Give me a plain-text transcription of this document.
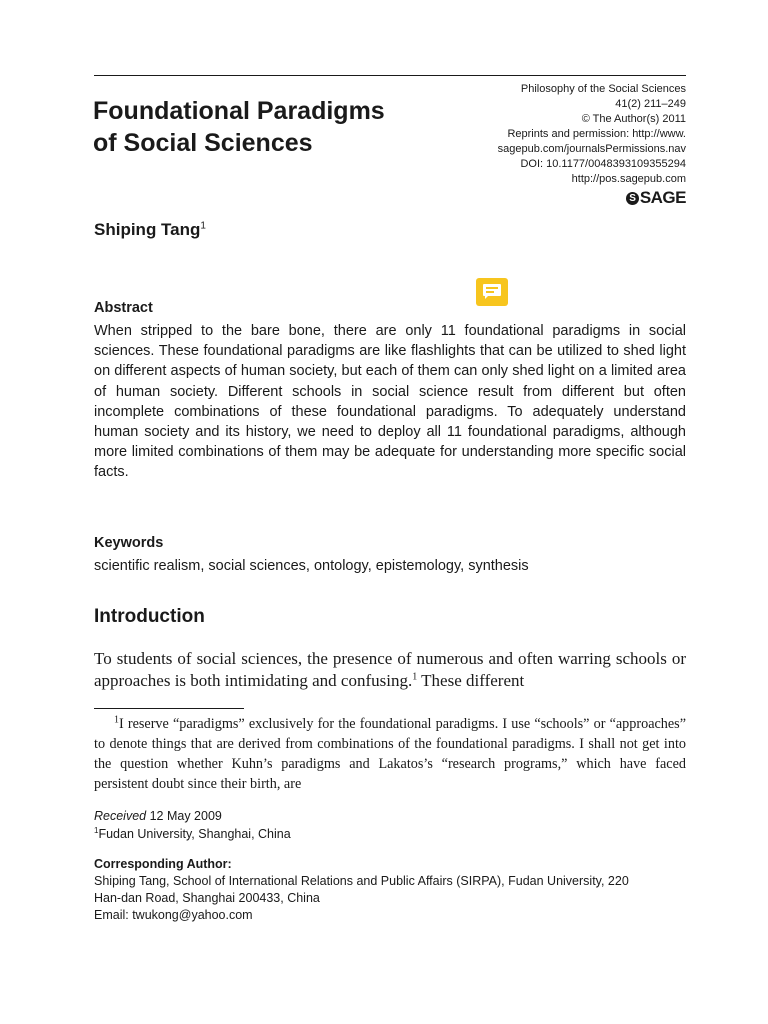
Philosophy of the Social Sciences
41(2) 211–249
© The Author(s) 2011
Reprints and permission: http://www.
sagepub.com/journalsPermissions.nav
DOI: 10.1177/0048393109355294
http://pos.sagepub.com
S SAGE
Foundational Paradigms
of Social Sciences
Shiping Tang$^1$
Abstract
When stripped to the bare bone, there are only 11 foundational paradigms in social sciences. These foundational paradigms are like flashlights that can be utilized to shed light on different aspects of human society, but each of them can only shed light on a limited area of human society. Different schools in social science result from different but often incomplete combinations of these foundational paradigms. To adequately understand human society and its history, we need to deploy all 11 foundational paradigms, although more limited combinations of them may be adequate for understanding more specific social facts.
Keywords
scientific realism, social sciences, ontology, epistemology, synthesis
Introduction
To students of social sciences, the presence of numerous and often warring schools or approaches is both intimidating and confusing.$^1$ These different
$^1$I reserve “paradigms” exclusively for the foundational paradigms. I use “schools” or “approaches” to denote things that are derived from combinations of the foundational paradigms. I shall not get into the question whether Kuhn’s paradigms and Lakatos’s “research programs,” which have faced persistent doubt since their birth, are
Received 12 May 2009
$^1$Fudan University, Shanghai, China
Corresponding Author:
Shiping Tang, School of International Relations and Public Affairs (SIRPA), Fudan University, 220
Han-dan Road, Shanghai 200433, China
Email: twukong@yahoo.com
